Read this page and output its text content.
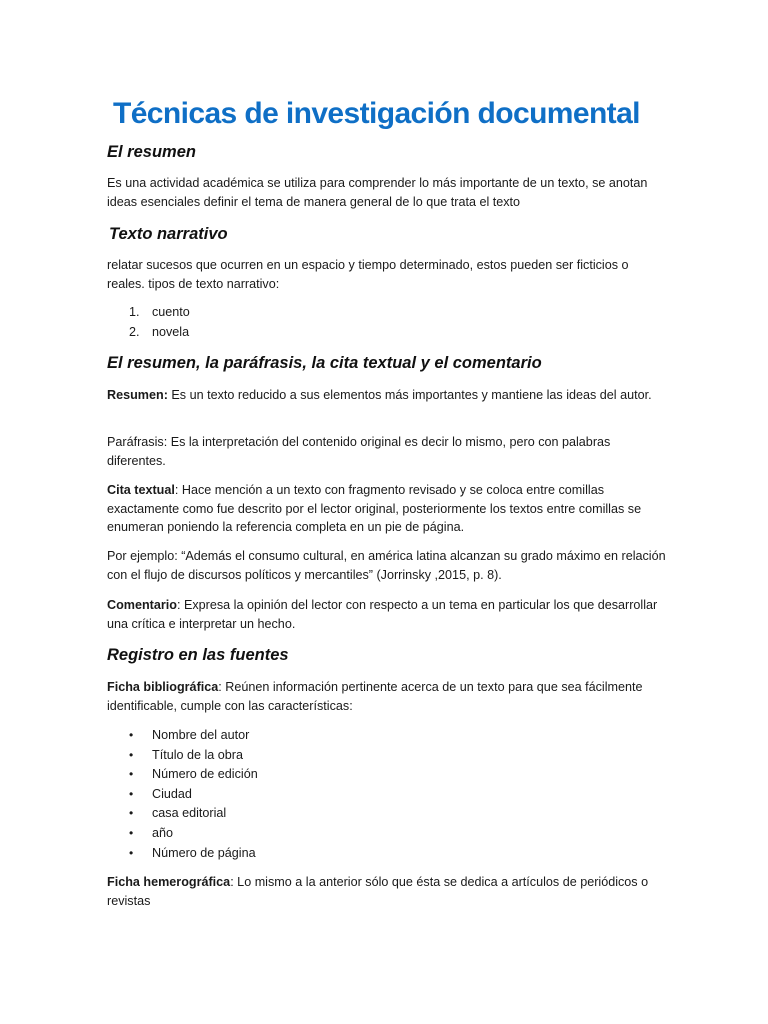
Técnicas de investigación documental
El resumen

Es una actividad académica se utiliza para comprender lo más importante de un texto, se anotan ideas esenciales definir el tema de manera general de lo que trata el texto

Texto narrativo

relatar sucesos que ocurren en un espacio y tiempo determinado, estos pueden ser ficticios o reales. tipos de texto narrativo:

1. cuento
2. novela
El resumen, la paráfrasis, la cita textual y el comentario

Resumen: Es un texto reducido a sus elementos más importantes y mantiene las ideas del autor.

Paráfrasis: Es la interpretación del contenido original es decir lo mismo, pero con palabras diferentes.

Cita textual: Hace mención a un texto con fragmento revisado y se coloca entre comillas exactamente como fue descrito por el lector original, posteriormente los textos entre comillas se enumeran poniendo la referencia completa en un pie de página.

Por ejemplo: “Además el consumo cultural, en américa latina alcanzan su grado máximo en relación con el flujo de discursos políticos y mercantiles” (Jorrinsky ,2015, p. 8).

Comentario: Expresa la opinión del lector con respecto a un tema en particular los que desarrollar una crítica e interpretar un hecho.

Registro en las fuentes

Ficha bibliográfica: Reúnen información pertinente acerca de un texto para que sea fácilmente identificable, cumple con las características:

• Nombre del autor
• Título de la obra
• Número de edición
• Ciudad
• casa editorial
• año
• Número de página

Ficha hemerográfica: Lo mismo a la anterior sólo que ésta se dedica a artículos de periódicos o revistas
